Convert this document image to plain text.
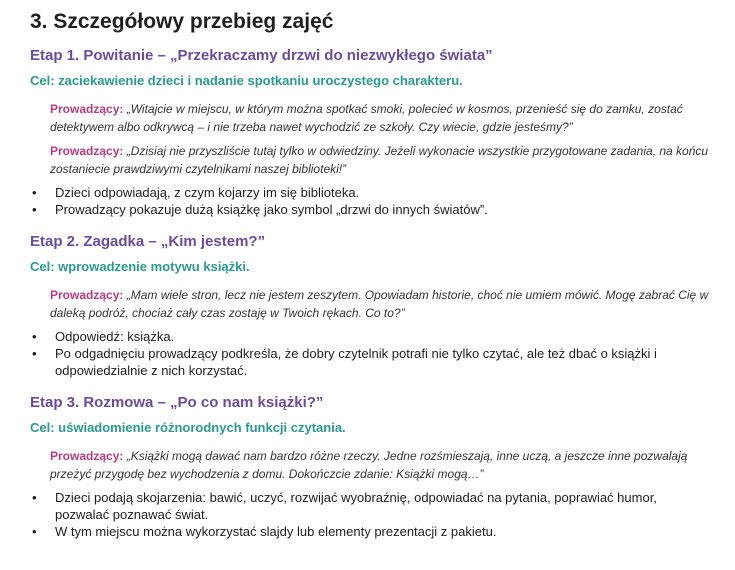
3. Szczegółowy przebieg zajęć

Etap 1. Powitanie – „Przekraczamy drzwi do niezwykłego świata”

Cel: zaciekawienie dzieci i nadanie spotkaniu uroczystego charakteru.

Prowadzący: „Witajcie w miejscu, w którym można spotkać smoki, polecieć w kosmos, przenieść się do zamku, zostać detektywem albo odkrywcą – i nie trzeba nawet wychodzić ze szkoły. Czy wiecie, gdzie jesteśmy?”

Prowadzący: „Dzisiaj nie przyszliście tutaj tylko w odwiedziny. Jeżeli wykonacie wszystkie przygotowane zadania, na końcu zostaniecie prawdziwymi czytelnikami naszej biblioteki!”

• Dzieci odpowiadają, z czym kojarzy im się biblioteka.
• Prowadzący pokazuje dużą książkę jako symbol „drzwi do innych światów”.

Etap 2. Zagadka – „Kim jestem?”

Cel: wprowadzenie motywu książki.

Prowadzący: „Mam wiele stron, lecz nie jestem zeszytem. Opowiadam historie, choć nie umiem mówić. Mogę zabrać Cię w daleką podróż, chociaż cały czas zostaję w Twoich rękach. Co to?”

• Odpowiedź: książka.
• Po odgadnięciu prowadzący podkreśla, że dobry czytelnik potrafi nie tylko czytać, ale też dbać o książki i odpowiedzialnie z nich korzystać.

Etap 3. Rozmowa – „Po co nam książki?”

Cel: uświadomienie różnorodnych funkcji czytania.

Prowadzący: „Książki mogą dawać nam bardzo różne rzeczy. Jedne rozśmieszają, inne uczą, a jeszcze inne pozwalają przeżyć przygodę bez wychodzenia z domu. Dokończcie zdanie: Książki mogą…”

• Dzieci podają skojarzenia: bawić, uczyć, rozwijać wyobraźnię, odpowiadać na pytania, poprawiać humor, pozwalać poznawać świat.
• W tym miejscu można wykorzystać slajdy lub elementy prezentacji z pakietu.
